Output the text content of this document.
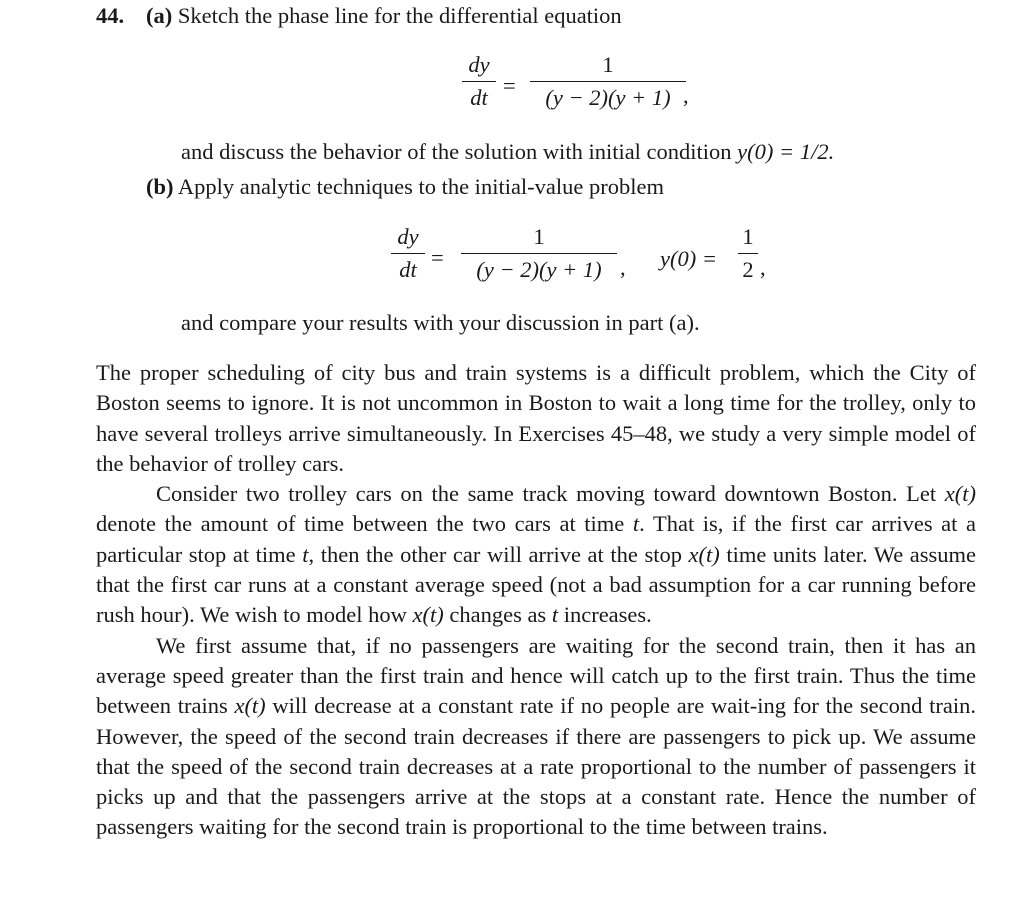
44. (a) Sketch the phase line for the differential equation
dy
dt =
1
(y − 2)(y + 1) ,
and discuss the behavior of the solution with initial condition y(0) = 1/2.
(b) Apply analytic techniques to the initial-value problem
dy
dt =
1
(y − 2)(y + 1) , y(0) =
1
2 ,
and compare your results with your discussion in part (a).

The proper scheduling of city bus and train systems is a difficult problem, which the City of Boston seems to ignore. It is not uncommon in Boston to wait a long time for the trolley, only to have several trolleys arrive simultaneously. In Exercises 45–48, we study a very simple model of the behavior of trolley cars.

Consider two trolley cars on the same track moving toward downtown Boston. Let x(t) denote the amount of time between the two cars at time t. That is, if the first car arrives at a particular stop at time t, then the other car will arrive at the stop x(t) time units later. We assume that the first car runs at a constant average speed (not a bad assumption for a car running before rush hour). We wish to model how x(t) changes as t increases.

We first assume that, if no passengers are waiting for the second train, then it has an average speed greater than the first train and hence will catch up to the first train. Thus the time between trains x(t) will decrease at a constant rate if no people are wait-ing for the second train. However, the speed of the second train decreases if there are passengers to pick up. We assume that the speed of the second train decreases at a rate proportional to the number of passengers it picks up and that the passengers arrive at the stops at a constant rate. Hence the number of passengers waiting for the second train is proportional to the time between trains.
